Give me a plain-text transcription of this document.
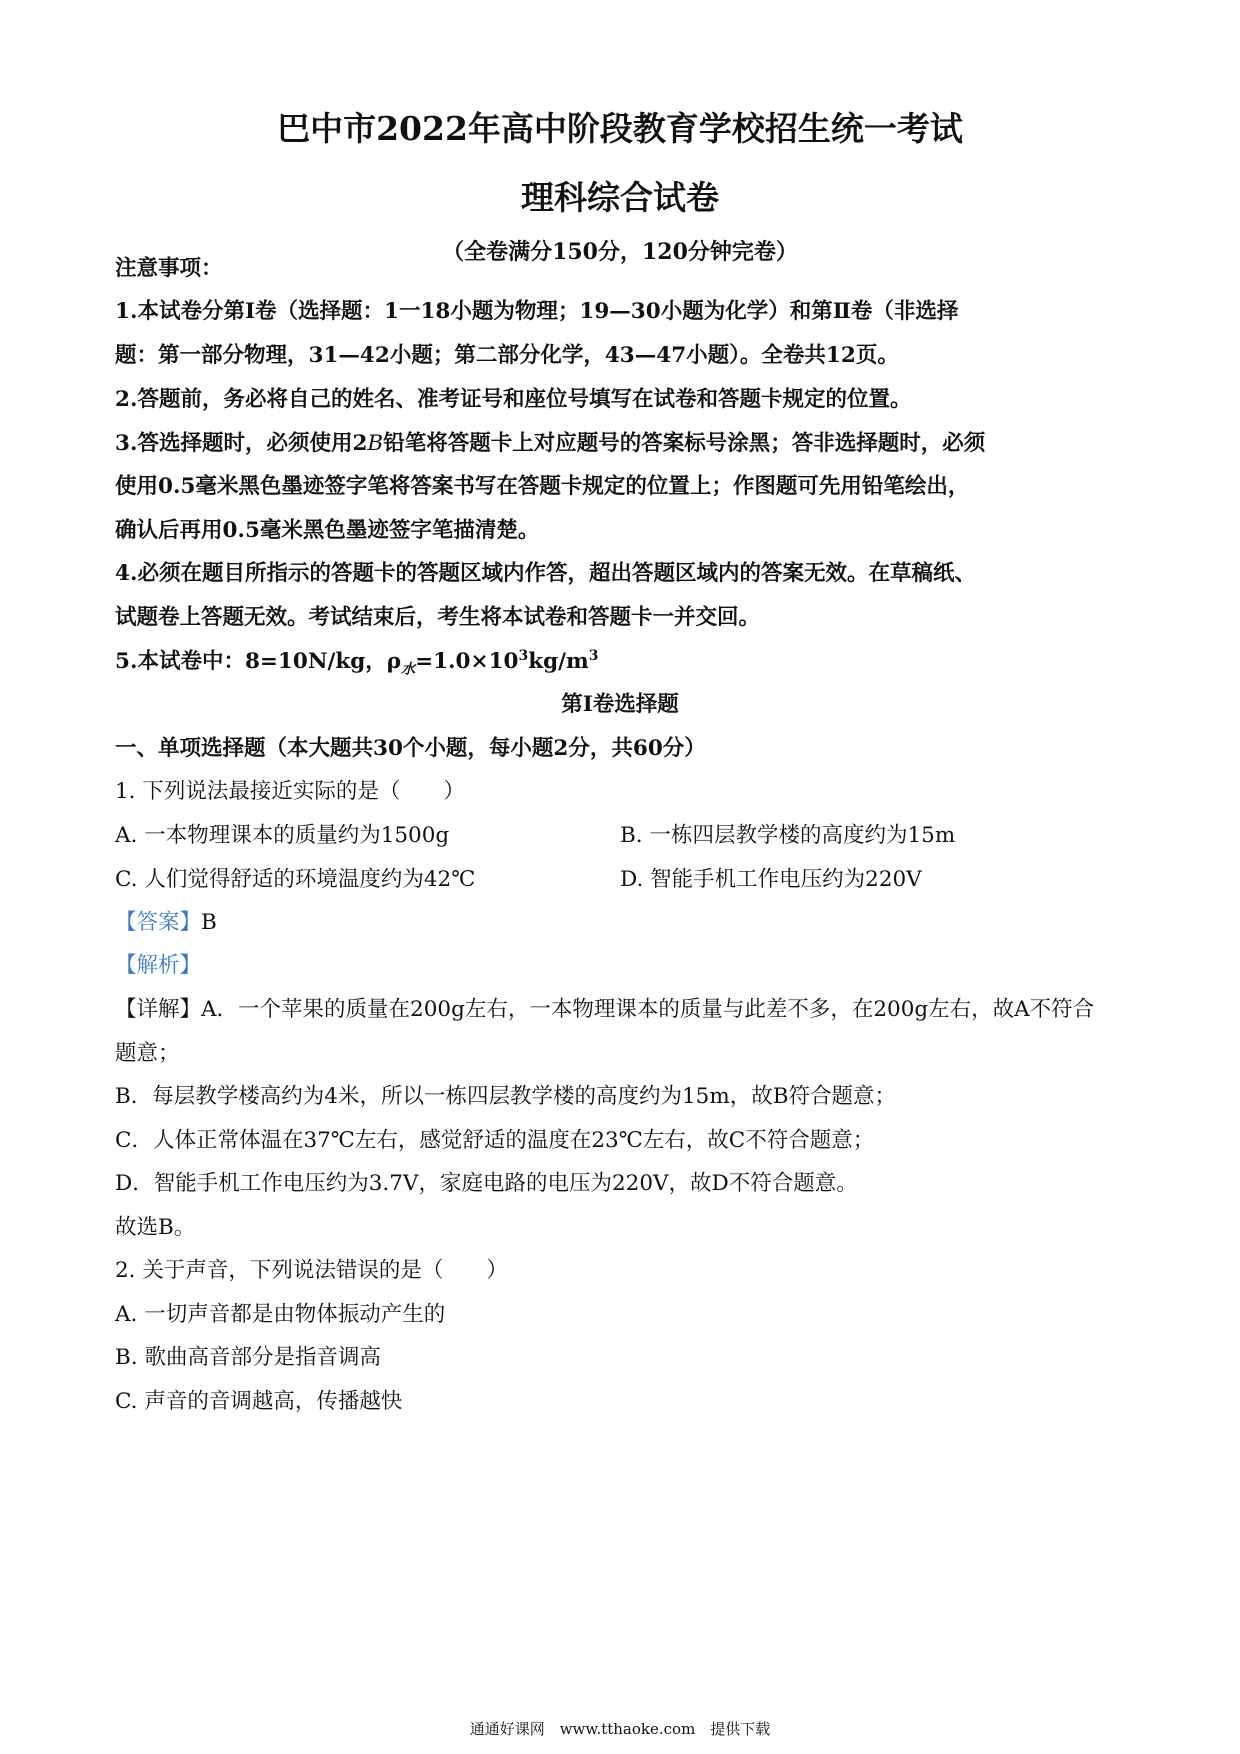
巴中市2022年高中阶段教育学校招生统一考试
理科综合试卷
（全卷满分150分，120分钟完卷）
注意事项：
1.本试卷分第I卷（选择题：1一18小题为物理；19—30小题为化学）和第Ⅱ卷（非选择
题：第一部分物理，31—42小题；第二部分化学，43—47小题）。全卷共12页。
2.答题前，务必将自己的姓名、准考证号和座位号填写在试卷和答题卡规定的位置。
3.答选择题时，必须使用2B铅笔将答题卡上对应题号的答案标号涂黑；答非选择题时，必须
使用0.5毫米黑色墨迹签字笔将答案书写在答题卡规定的位置上；作图题可先用铅笔绘出，
确认后再用0.5毫米黑色墨迹签字笔描清楚。
4.必须在题目所指示的答题卡的答题区域内作答，超出答题区域内的答案无效。在草稿纸、
试题卷上答题无效。考试结束后，考生将本试卷和答题卡一并交回。
5.本试卷中：8=10N/kg，$\rho_水=1.0\times 10^3kg/m^3$
第I卷选择题
一、单项选择题（本大题共30个小题，每小题2分，共60分）
1. 下列说法最接近实际的是（　　）
A. 一本物理课本的质量约为1500g	B. 一栋四层教学楼的高度约为15m
C. 人们觉得舒适的环境温度约为42℃	D. 智能手机工作电压约为220V
【答案】B
【解析】
【详解】A．一个苹果的质量在200g左右，一本物理课本的质量与此差不多，在200g左右，故A不符合
题意；
B．每层教学楼高约为4米，所以一栋四层教学楼的高度约为15m，故B符合题意；
C．人体正常体温在37℃左右，感觉舒适的温度在23℃左右，故C不符合题意；
D．智能手机工作电压约为3.7V，家庭电路的电压为220V，故D不符合题意。
故选B。
2. 关于声音，下列说法错误的是（　　）
A. 一切声音都是由物体振动产生的
B. 歌曲高音部分是指音调高
C. 声音的音调越高，传播越快
通通好课网　www.tthaoke.com　提供下载
